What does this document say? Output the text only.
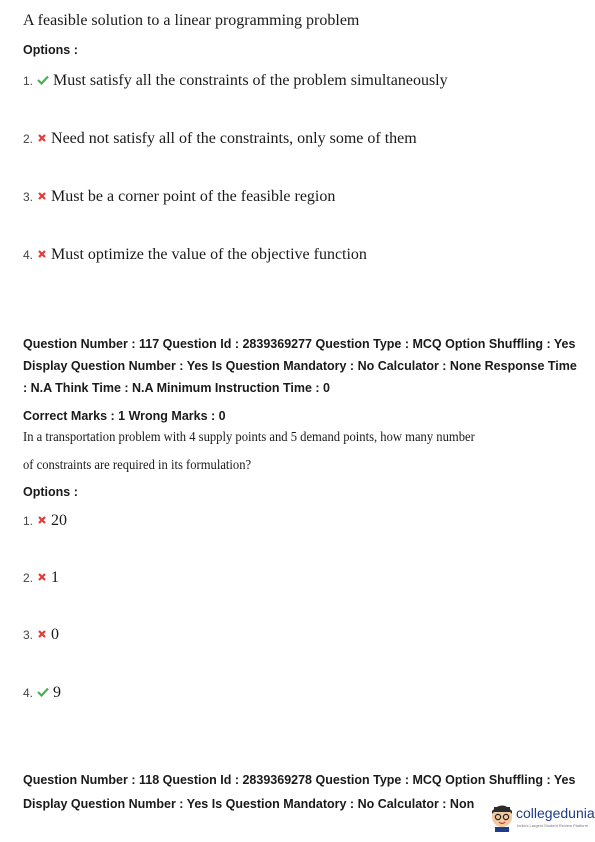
A feasible solution to a linear programming problem
Options :
1. Must satisfy all the constraints of the problem simultaneously
2. Need not satisfy all of the constraints, only some of them
3. Must be a corner point of the feasible region
4. Must optimize the value of the objective function
Question Number : 117 Question Id : 2839369277 Question Type : MCQ Option Shuffling : Yes
Display Question Number : Yes Is Question Mandatory : No Calculator : None Response Time
: N.A Think Time : N.A Minimum Instruction Time : 0
Correct Marks : 1 Wrong Marks : 0
In a transportation problem with 4 supply points and 5 demand points, how many number
of constraints are required in its formulation?
Options :
1. 20
2. 1
3. 0
4. 9
Question Number : 118 Question Id : 2839369278 Question Type : MCQ Option Shuffling : Yes
Display Question Number : Yes Is Question Mandatory : No Calculator : Non
collegedunia
India's Largest Student Review Platform
